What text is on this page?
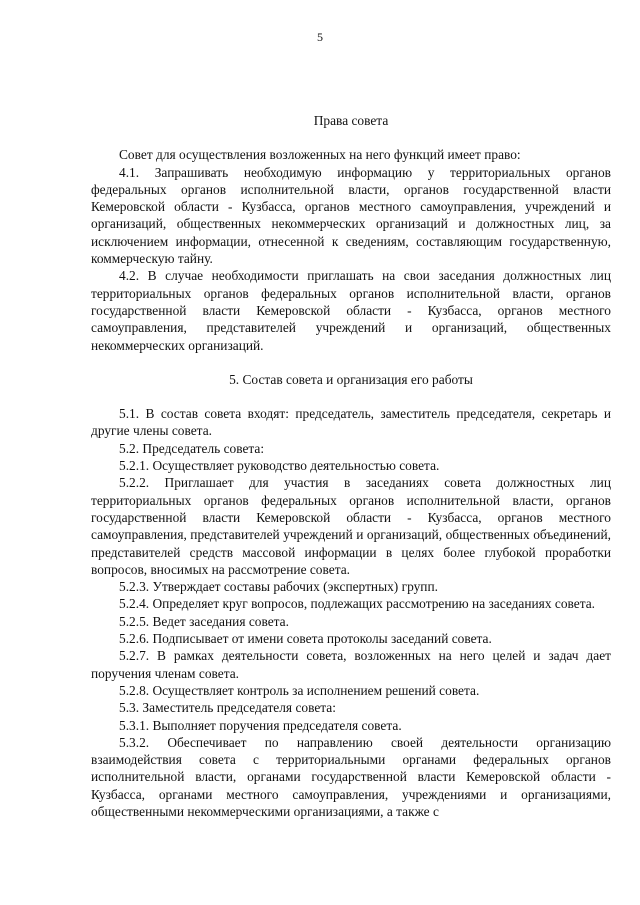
5
Права совета

Совет для осуществления возложенных на него функций имеет право:

4.1. Запрашивать необходимую информацию у территориальных органов федеральных органов исполнительной власти, органов государственной власти Кемеровской области - Кузбасса, органов местного самоуправления, учреждений и организаций, общественных некоммерческих организаций и должностных лиц, за исключением информации, отнесенной к сведениям, составляющим государственную, коммерческую тайну.

4.2. В случае необходимости приглашать на свои заседания должностных лиц территориальных органов федеральных органов исполнительной власти, органов государственной власти Кемеровской области - Кузбасса, органов местного самоуправления, представителей учреждений и организаций, общественных некоммерческих организаций.

5. Состав совета и организация его работы

5.1. В состав совета входят: председатель, заместитель председателя, секретарь и другие члены совета.

5.2. Председатель совета:

5.2.1. Осуществляет руководство деятельностью совета.

5.2.2. Приглашает для участия в заседаниях совета должностных лиц территориальных органов федеральных органов исполнительной власти, органов государственной власти Кемеровской области - Кузбасса, органов местного самоуправления, представителей учреждений и организаций, общественных объединений, представителей средств массовой информации в целях более глубокой проработки вопросов, вносимых на рассмотрение совета.

5.2.3. Утверждает составы рабочих (экспертных) групп.

5.2.4. Определяет круг вопросов, подлежащих рассмотрению на заседаниях совета.

5.2.5. Ведет заседания совета.

5.2.6. Подписывает от имени совета протоколы заседаний совета.

5.2.7. В рамках деятельности совета, возложенных на него целей и задач дает поручения членам совета.

5.2.8. Осуществляет контроль за исполнением решений совета.

5.3. Заместитель председателя совета:

5.3.1. Выполняет поручения председателя совета.

5.3.2. Обеспечивает по направлению своей деятельности организацию взаимодействия совета с территориальными органами федеральных органов исполнительной власти, органами государственной власти Кемеровской области - Кузбасса, органами местного самоуправления, учреждениями и организациями, общественными некоммерческими организациями, а также с
